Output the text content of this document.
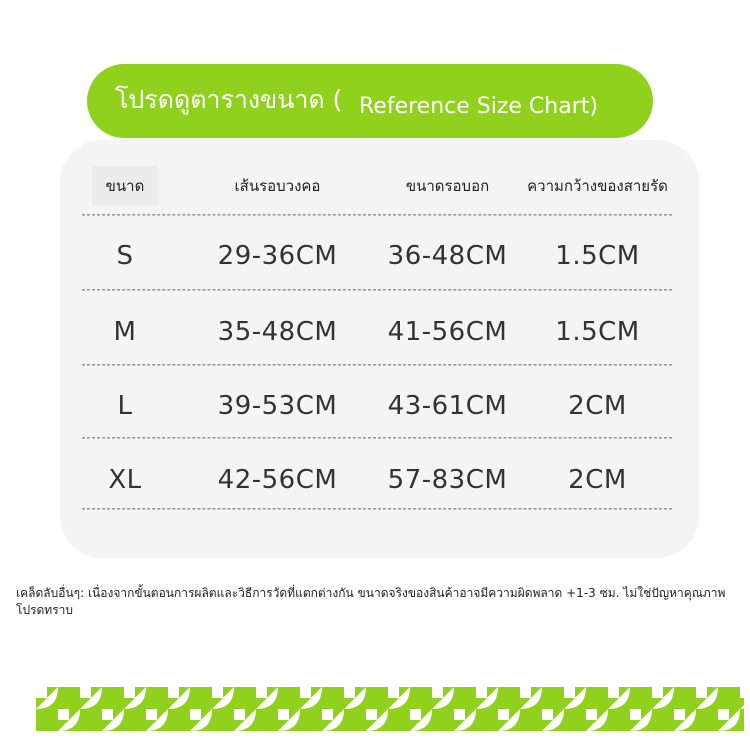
โปรดดูตารางขนาด ( Reference Size Chart)
ขนาด	เส้นรอบวงคอ	ขนาดรอบอก	ความกว้างของสายรัด
S	29-36CM	36-48CM	1.5CM
M	35-48CM	41-56CM	1.5CM
L	39-53CM	43-61CM	2CM
XL	42-56CM	57-83CM	2CM
เคล็ดลับอื่นๆ: เนื่องจากขั้นตอนการผลิตและวิธีการวัดที่แตกต่างกัน ขนาดจริงของสินค้าอาจมีความผิดพลาด +1-3 ซม. ไม่ใช่ปัญหาคุณภาพ โปรดทราบ
